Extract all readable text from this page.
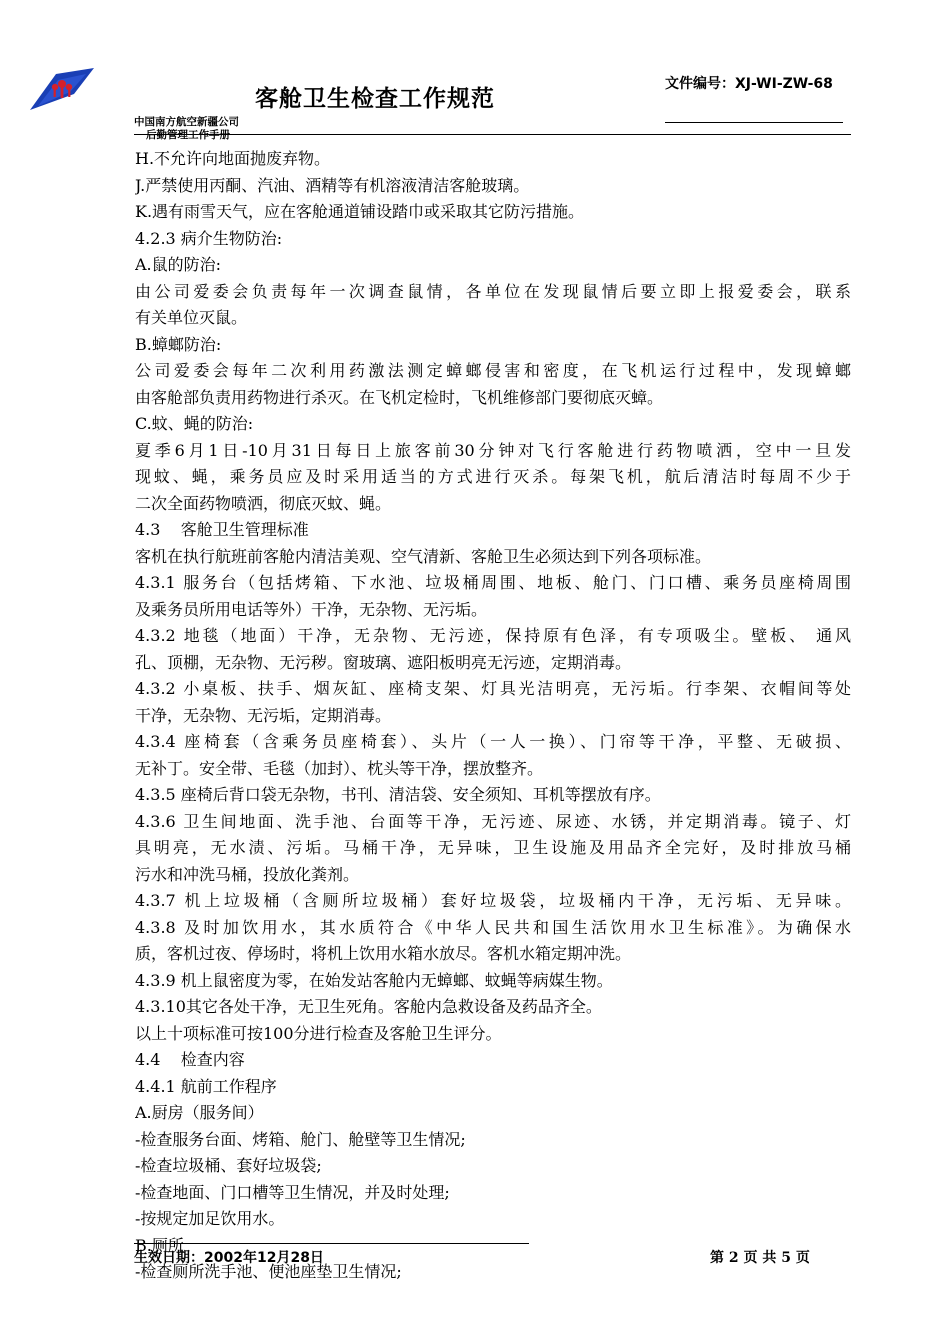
客舱卫生检查工作规范
文件编号：XJ-WI-ZW-68
中国南方航空新疆公司
后勤管理工作手册
H.不允许向地面抛废弃物。
J.严禁使用丙酮、汽油、酒精等有机溶液清洁客舱玻璃。
K.遇有雨雪天气，应在客舱通道铺设踏巾或采取其它防污措施。
4.2.3 病介生物防治:
A.鼠的防治:
由公司爱委会负责每年一次调查鼠情，各单位在发现鼠情后要立即上报爱委会，联系
有关单位灭鼠。
B.蟑螂防治:
公司爱委会每年二次利用药激法测定蟑螂侵害和密度，在飞机运行过程中，发现蟑螂
由客舱部负责用药物进行杀灭。在飞机定检时，飞机维修部门要彻底灭蟑。
C.蚊、蝇的防治:
夏季6月1日-10月31日每日上旅客前30分钟对飞行客舱进行药物喷洒，空中一旦发
现蚊、蝇，乘务员应及时采用适当的方式进行灭杀。每架飞机，航后清洁时每周不少于
二次全面药物喷洒，彻底灭蚊、蝇。
4.3    客舱卫生管理标准
客机在执行航班前客舱内清洁美观、空气清新、客舱卫生必须达到下列各项标准。
4.3.1 服务台（包括烤箱、下水池、垃圾桶周围、地板、舱门、门口槽、乘务员座椅周围
及乘务员所用电话等外）干净，无杂物、无污垢。
4.3.2 地毯（地面）干净，无杂物、无污迹，保持原有色泽，有专项吸尘。壁板、 通风
孔、顶棚，无杂物、无污秽。窗玻璃、遮阳板明亮无污迹，定期消毒。
4.3.2 小桌板、扶手、烟灰缸、座椅支架、灯具光洁明亮，无污垢。行李架、衣帽间等处
干净，无杂物、无污垢，定期消毒。
4.3.4 座椅套（含乘务员座椅套）、头片（一人一换）、门帘等干净，平整、无破损、
无补丁。安全带、毛毯（加封）、枕头等干净，摆放整齐。
4.3.5 座椅后背口袋无杂物，书刊、清洁袋、安全须知、耳机等摆放有序。
4.3.6 卫生间地面、洗手池、台面等干净，无污迹、尿迹、水锈，并定期消毒。镜子、灯
具明亮，无水渍、污垢。马桶干净，无异味，卫生设施及用品齐全完好，及时排放马桶
污水和冲洗马桶，投放化粪剂。
4.3.7 机上垃圾桶（含厕所垃圾桶）套好垃圾袋，垃圾桶内干净，无污垢、无异味。
4.3.8 及时加饮用水，其水质符合《中华人民共和国生活饮用水卫生标准》。为确保水
质，客机过夜、停场时，将机上饮用水箱水放尽。客机水箱定期冲洗。
4.3.9 机上鼠密度为零，在始发站客舱内无蟑螂、蚊蝇等病媒生物。
4.3.10其它各处干净，无卫生死角。客舱内急救设备及药品齐全。
以上十项标准可按100分进行检查及客舱卫生评分。
4.4    检查内容
4.4.1 航前工作程序
A.厨房（服务间）
-检查服务台面、烤箱、舱门、舱壁等卫生情况;
-检查垃圾桶、套好垃圾袋;
-检查地面、门口槽等卫生情况，并及时处理;
-按规定加足饮用水。
B.厕所
-检查厕所洗手池、便池座垫卫生情况;
生效日期：2002年12月28日	第 2 页 共 5 页
